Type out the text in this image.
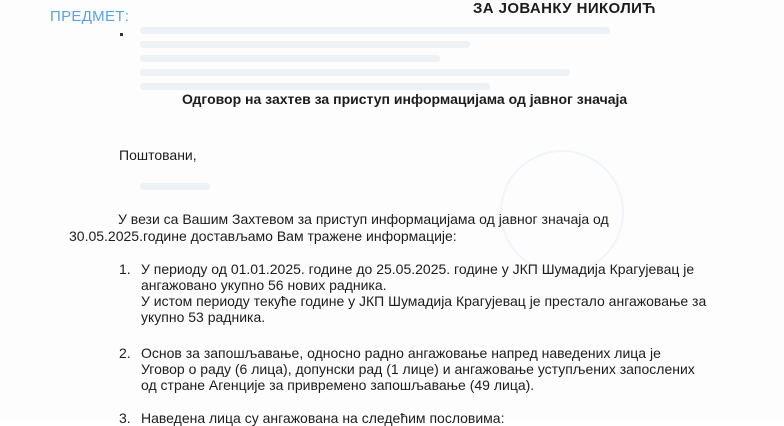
ПРЕДМЕТ:	ЗА ЈОВАНКУ НИКОЛИЋ
Одговор на захтев за приступ информацијама од јавног значаја
Поштовани,
У вези са Вашим Захтевом за приступ информацијама од јавног значаја од
30.05.2025.године достављамо Вам тражене информације:
1. У периоду од 01.01.2025. године до 25.05.2025. године у ЈКП Шумадија Крагујевац је
ангажовано укупно 56 нових радника.
У истом периоду текуће године у ЈКП Шумадија Крагујевац је престало ангажовање за
укупно 53 радника.
2. Основ за запошљавање, односно радно ангажовање напред наведених лица је
Уговор о раду (6 лица), допунски рад (1 лице) и ангажовање уступљених запослених
од стране Агенције за привремено запошљавање (49 лица).
3. Наведена лица су ангажована на следећим пословима:
